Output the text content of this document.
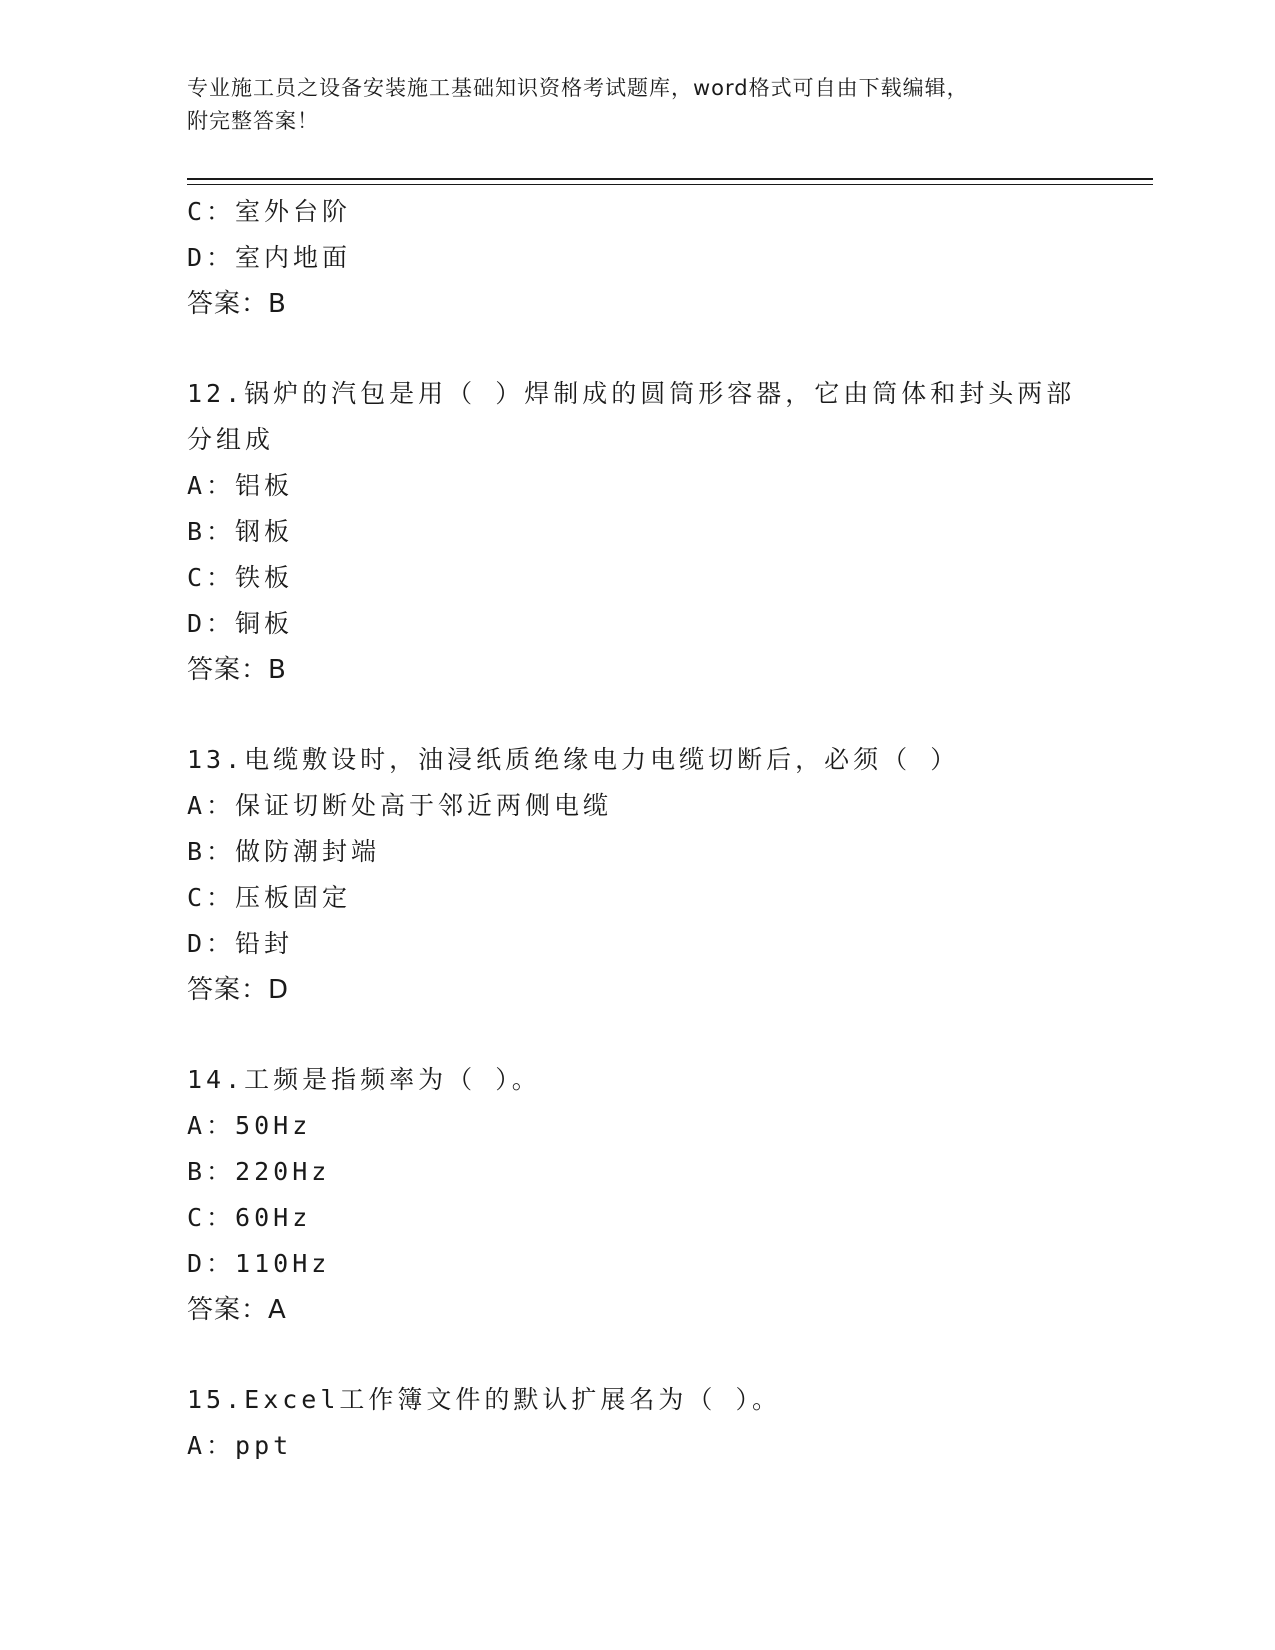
专业施工员之设备安装施工基础知识资格考试题库，word格式可自由下载编辑，
附完整答案！
C：室外台阶
D：室内地面
答案：B
12.锅炉的汽包是用（ ）焊制成的圆筒形容器，它由筒体和封头两部
分组成
A：铝板
B：钢板
C：铁板
D：铜板
答案：B
13.电缆敷设时，油浸纸质绝缘电力电缆切断后，必须（ ）
A：保证切断处高于邻近两侧电缆
B：做防潮封端
C：压板固定
D：铅封
答案：D
14.工频是指频率为（ ）。
A：50Hz
B：220Hz
C：60Hz
D：110Hz
答案：A
15.Excel工作簿文件的默认扩展名为（ ）。
A：ppt
